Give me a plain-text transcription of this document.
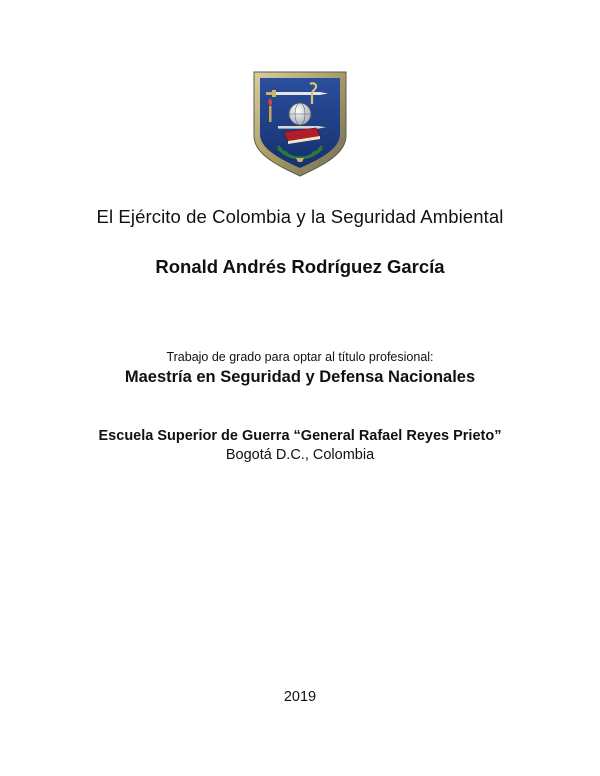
El Ejército de Colombia y la Seguridad Ambiental
Ronald Andrés Rodríguez García
Trabajo de grado para optar al título profesional:
Maestría en Seguridad y Defensa Nacionales
Escuela Superior de Guerra “General Rafael Reyes Prieto”
Bogotá D.C., Colombia
2019
